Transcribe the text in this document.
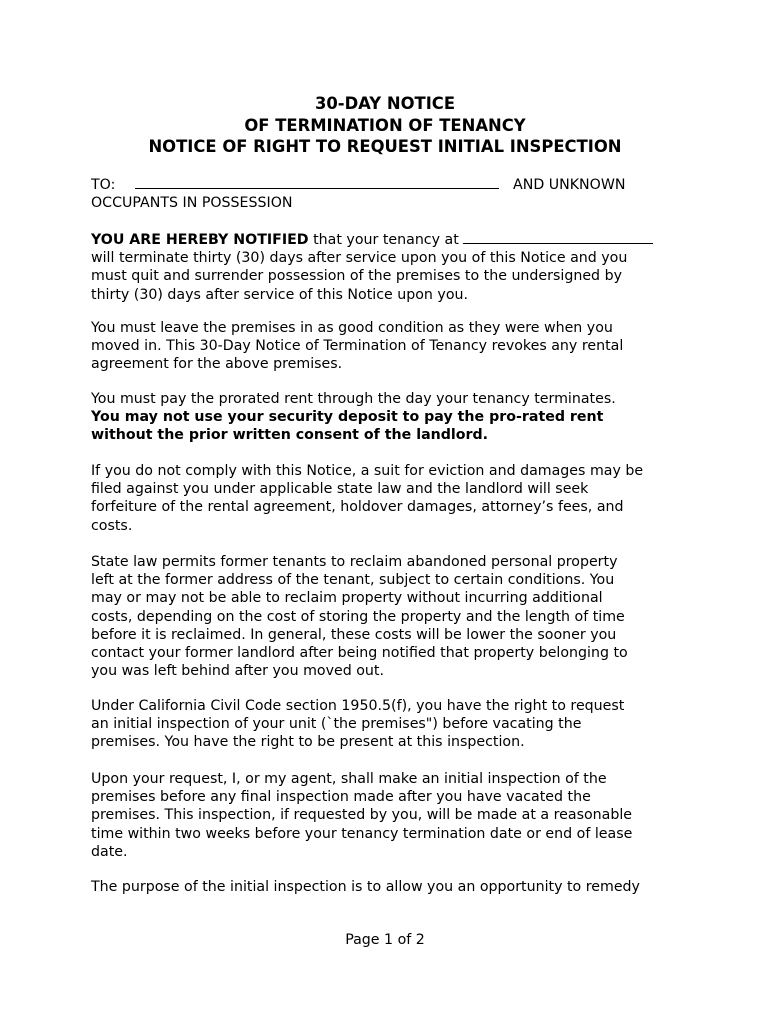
30-DAY NOTICE
OF TERMINATION OF TENANCY
NOTICE OF RIGHT TO REQUEST INITIAL INSPECTION
TO:	AND UNKNOWN
OCCUPANTS IN POSSESSION
YOU ARE HEREBY NOTIFIED that your tenancy at
will terminate thirty (30) days after service upon you of this Notice and you
must quit and surrender possession of the premises to the undersigned by
thirty (30) days after service of this Notice upon you.
You must leave the premises in as good condition as they were when you
moved in. This 30-Day Notice of Termination of Tenancy revokes any rental
agreement for the above premises.
You must pay the prorated rent through the day your tenancy terminates.
You may not use your security deposit to pay the pro-rated rent
without the prior written consent of the landlord.
If you do not comply with this Notice, a suit for eviction and damages may be
filed against you under applicable state law and the landlord will seek
forfeiture of the rental agreement, holdover damages, attorney’s fees, and
costs.
State law permits former tenants to reclaim abandoned personal property
left at the former address of the tenant, subject to certain conditions. You
may or may not be able to reclaim property without incurring additional
costs, depending on the cost of storing the property and the length of time
before it is reclaimed. In general, these costs will be lower the sooner you
contact your former landlord after being notified that property belonging to
you was left behind after you moved out.
Under California Civil Code section 1950.5(f), you have the right to request
an initial inspection of your unit (`the premises") before vacating the
premises. You have the right to be present at this inspection.
Upon your request, I, or my agent, shall make an initial inspection of the
premises before any final inspection made after you have vacated the
premises. This inspection, if requested by you, will be made at a reasonable
time within two weeks before your tenancy termination date or end of lease
date.
The purpose of the initial inspection is to allow you an opportunity to remedy
Page 1 of 2
